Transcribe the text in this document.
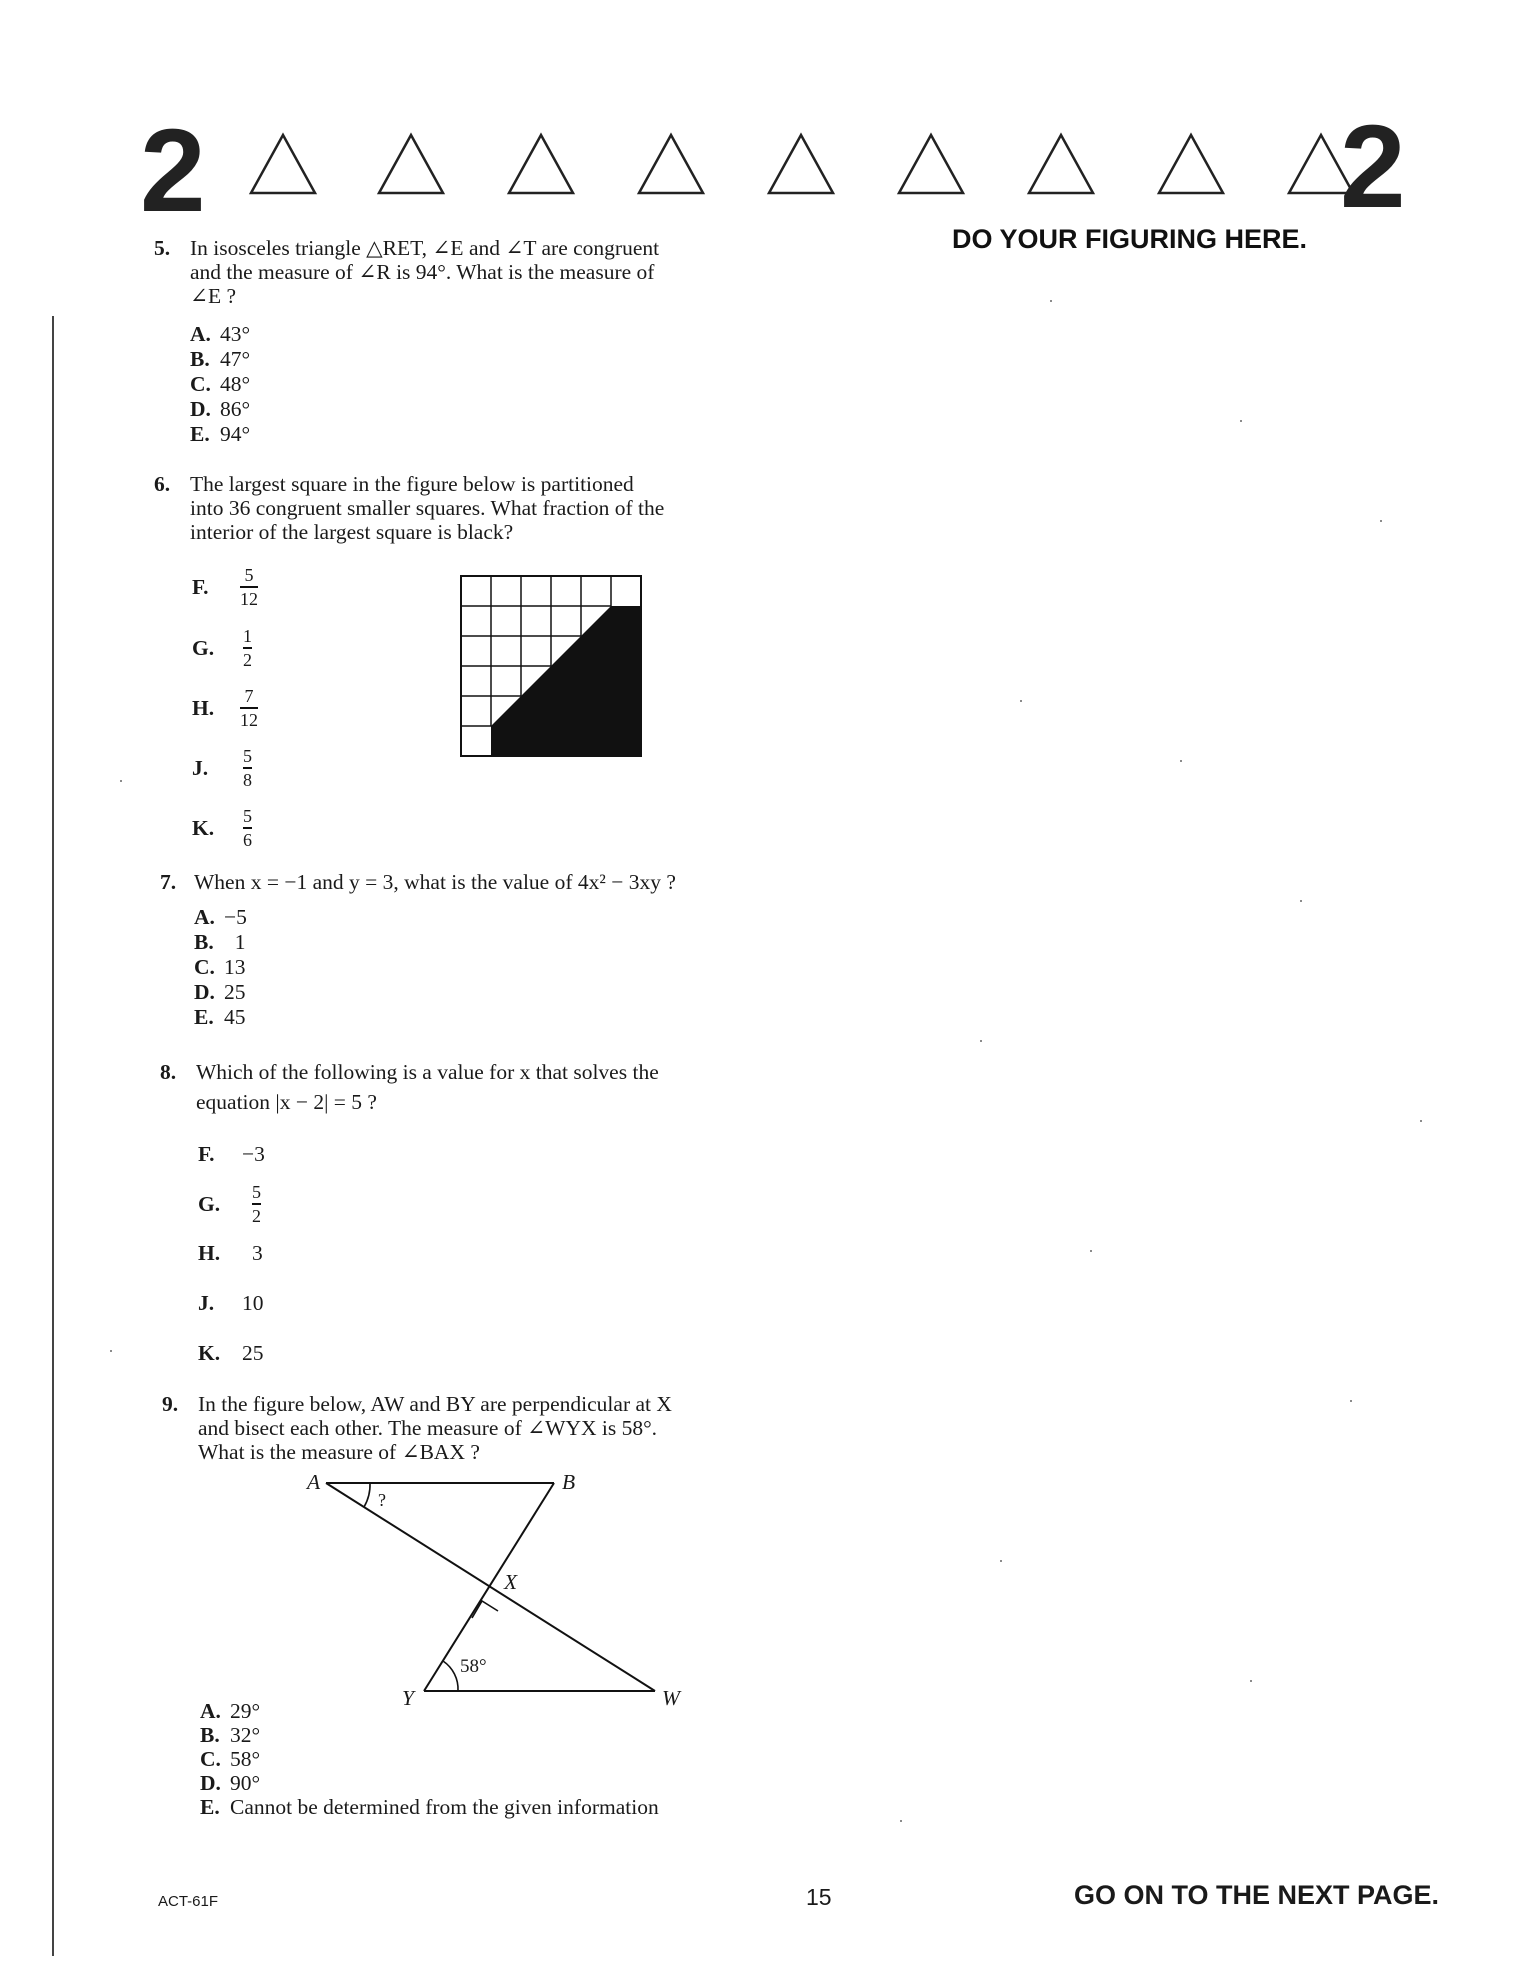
2	2
DO YOUR FIGURING HERE.
5. In isosceles triangle △RET, ∠E and ∠T are congruent
and the measure of ∠R is 94°. What is the measure of
∠E ?
A. 43°
B. 47°
C. 48°
D. 86°
E. 94°
6. The largest square in the figure below is partitioned
into 36 congruent smaller squares. What fraction of the
interior of the largest square is black?
F.	5
12
G.	1
2
H.	7
12
J.	5
8
K.	5
6
7. When x = −1 and y = 3, what is the value of 4x² − 3xy ?
A. −5
B.  1
C. 13
D. 25
E. 45
8. Which of the following is a value for x that solves the
equation |x − 2| = 5 ?
F. −3
G.	5
2
H. 3
J. 10
K. 25
9. In the figure below, AW and BY are perpendicular at X
and bisect each other. The measure of ∠WYX is 58°.
What is the measure of ∠BAX ?
A	B
X
Y	W
?
58°
A. 29°
B. 32°
C. 58°
D. 90°
E. Cannot be determined from the given information
ACT-61F	15	GO ON TO THE NEXT PAGE.
